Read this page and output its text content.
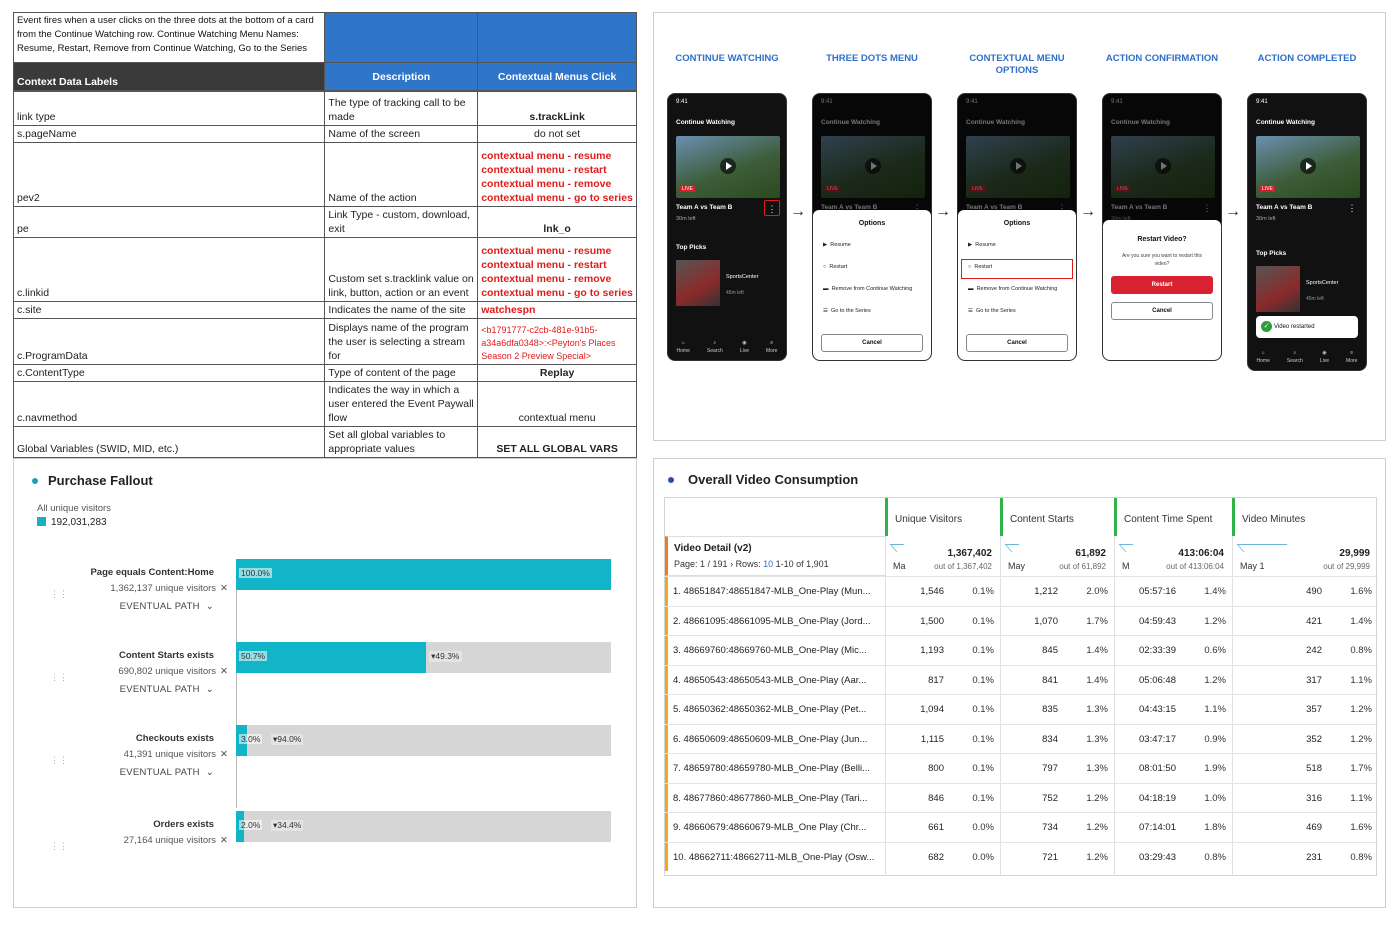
Event fires when a user clicks on the three dots at the bottom of a card from the Continue Watching row. Continue Watching Menu Names: Resume, Restart, Remove from Continue Watching, Go to the Series		
Context Data Labels	Description	Contextual Menus Click
link type	The type of tracking call to be made	s.trackLink
s.pageName	Name of the screen	do not set
pev2	Name of the action	contextual menu - resume
contextual menu - restart
contextual menu - remove
contextual menu - go to series
pe	Link Type - custom, download, exit	lnk_o
c.linkid	Custom set s.tracklink value on link, button, action or an event	contextual menu - resume
contextual menu - restart
contextual menu - remove
contextual menu - go to series
c.site	Indicates the name of the site	watchespn
c.ProgramData	Displays name of the program the user is selecting a stream for	<b1791777-c2cb-481e-91b5-a34a6dfa0348>:<Peyton's Places Season 2 Preview Special>
c.ContentType	Type of content of the page	Replay
c.navmethod	Indicates the way in which a user entered the Event Paywall flow	contextual menu
Global Variables (SWID, MID, etc.)	Set all global variables to appropriate values	SET ALL GLOBAL VARS
CONTINUE WATCHING
9:41
Continue Watching
LIVE
Team A vs Team B
30m left
⋮
Top Picks
SportsCenter
45m left
⌂
Home
⌕
Search
◉
Live
≡
More
→
THREE DOTS MENU
Options
▶ Resume
○ Restart
▬ Remove from Continue Watching
☰ Go to the Series
Cancel
→
CONTEXTUAL MENU OPTIONS
Options
▶ Resume
○ Restart
▬ Remove from Continue Watching
☰ Go to the Series
Cancel
→
ACTION CONFIRMATION
Restart Video?
Are you sure you want to restart this video?
Restart
Cancel
→
ACTION COMPLETED
9:41
Continue Watching
LIVE
Team A vs Team B
30m left
⋮
Top Picks
SportsCenter
45m left
⌂
Home
⌕
Search
◉
Live
≡
More
✓ Video restarted
Purchase Fallout
All unique visitors
192,031,283
Page equals Content:Home
1,362,137 unique visitors ✕
EVENTUAL PATH ⌄
⋮⋮
100.0%
Content Starts exists
690,802 unique visitors ✕
EVENTUAL PATH ⌄
⋮⋮
50.7%	▾49.3%
Checkouts exists
41,391 unique visitors ✕
EVENTUAL PATH ⌄
⋮⋮
3.0% ▾94.0%
Orders exists
27,164 unique visitors ✕
⋮⋮
2.0% ▾34.4%
Overall Video Consumption
Video Detail (v2)
Page: 1 / 191 › Rows: 10 1-10 of 1,901
Unique Visitors
1,367,402
out of 1,367,402
Ma
Content Starts
61,892
out of 61,892
May
Content Time Spent
413:06:04
out of 413:06:04
M
Video Minutes
29,999
out of 29,999
May 1
1. 48651847:48651847-MLB_One-Play (Mun...	1,546	0.1%	1,212	2.0%	05:57:16	1.4%	490	1.6%
2. 48661095:48661095-MLB_One-Play (Jord...	1,500	0.1%	1,070	1.7%	04:59:43	1.2%	421	1.4%
3. 48669760:48669760-MLB_One-Play (Mic...	1,193	0.1%	845	1.4%	02:33:39	0.6%	242	0.8%
4. 48650543:48650543-MLB_One-Play (Aar...	817	0.1%	841	1.4%	05:06:48	1.2%	317	1.1%
5. 48650362:48650362-MLB_One-Play (Pet...	1,094	0.1%	835	1.3%	04:43:15	1.1%	357	1.2%
6. 48650609:48650609-MLB_One-Play (Jun...	1,115	0.1%	834	1.3%	03:47:17	0.9%	352	1.2%
7. 48659780:48659780-MLB_One-Play (Belli...	800	0.1%	797	1.3%	08:01:50	1.9%	518	1.7%
8. 48677860:48677860-MLB_One-Play (Tari...	846	0.1%	752	1.2%	04:18:19	1.0%	316	1.1%
9. 48660679:48660679-MLB_One Play (Chr...	661	0.0%	734	1.2%	07:14:01	1.8%	469	1.6%
10. 48662711:48662711-MLB_One-Play (Osw...	682	0.0%	721	1.2%	03:29:43	0.8%	231	0.8%
